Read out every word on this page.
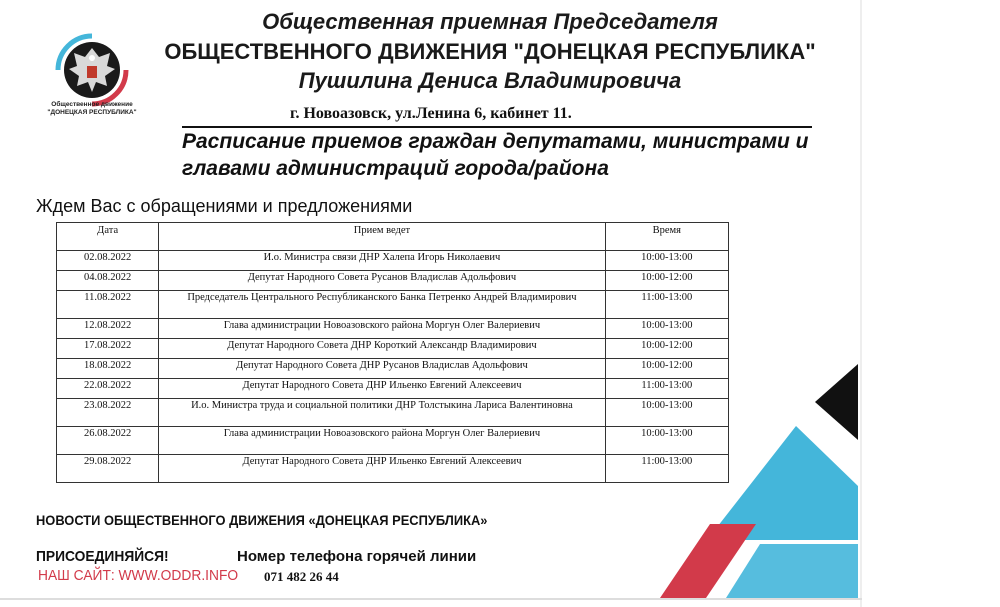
Общественное движение
"ДОНЕЦКАЯ РЕСПУБЛИКА"
Общественная приемная Председателя
ОБЩЕСТВЕННОГО ДВИЖЕНИЯ "ДОНЕЦКАЯ РЕСПУБЛИКА"
Пушилина Дениса Владимировича
г. Новоазовск, ул.Ленина 6, кабинет 11.
Расписание приемов граждан депутатами, министрами и
главами администраций города/района
Ждем Вас с обращениями и предложениями
Дата	Прием ведет	Время
02.08.2022	И.о. Министра связи ДНР Халепа Игорь Николаевич	10:00-13:00
04.08.2022	Депутат Народного Совета Русанов Владислав Адольфович	10:00-12:00
11.08.2022	Председатель Центрального Республиканского Банка Петренко Андрей Владимирович	11:00-13:00
12.08.2022	Глава администрации Новоазовского района Моргун Олег Валериевич	10:00-13:00
17.08.2022	Депутат Народного Совета ДНР Короткий Александр Владимирович	10:00-12:00
18.08.2022	Депутат Народного Совета ДНР Русанов Владислав Адольфович	10:00-12:00
22.08.2022	Депутат Народного Совета ДНР Ильенко Евгений Алексеевич	11:00-13:00
23.08.2022	И.о. Министра труда и социальной политики ДНР Толстыкина Лариса Валентиновна	10:00-13:00
26.08.2022	Глава администрации Новоазовского района Моргун Олег Валериевич	10:00-13:00
29.08.2022	Депутат Народного Совета ДНР Ильенко Евгений Алексеевич	11:00-13:00
НОВОСТИ ОБЩЕСТВЕННОГО ДВИЖЕНИЯ «ДОНЕЦКАЯ РЕСПУБЛИКА»
ПРИСОЕДИНЯЙСЯ!
НАШ САЙТ: WWW.ODDR.INFO
Номер телефона горячей линии
071 482 26 44
